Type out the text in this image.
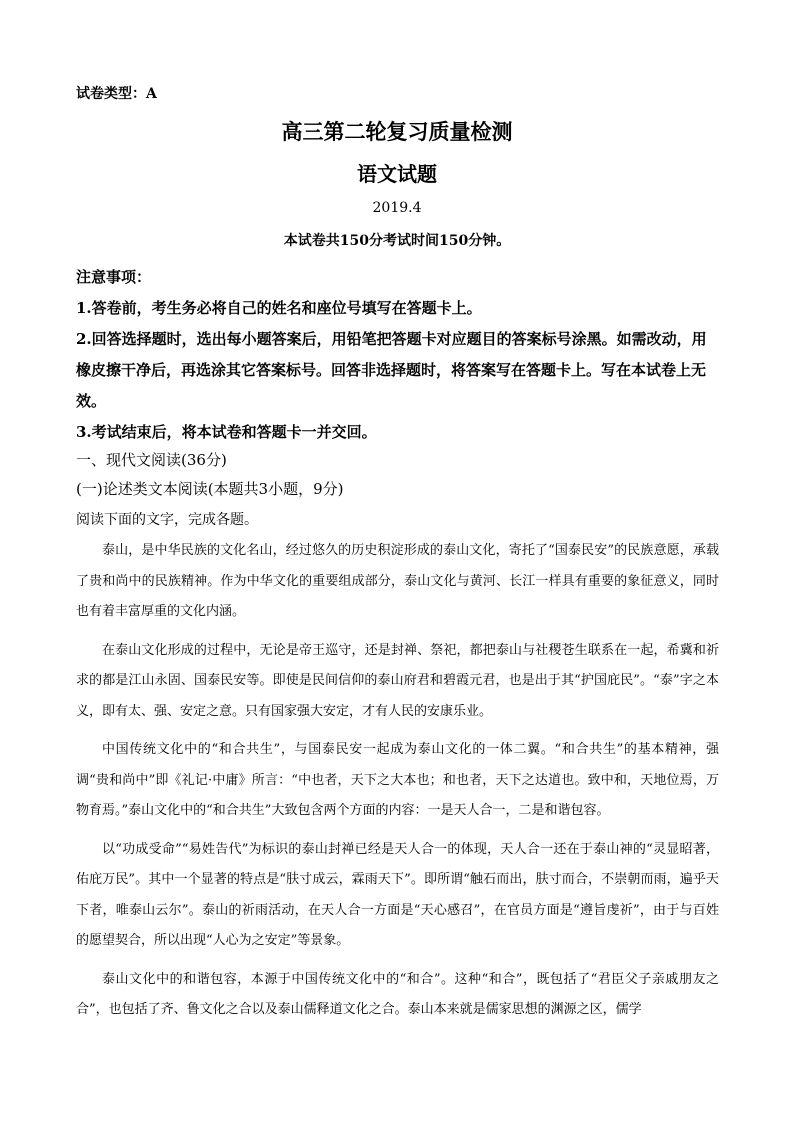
试卷类型：A
高三第二轮复习质量检测
语文试题
2019.4
本试卷共150分考试时间150分钟。

注意事项：

1.答卷前，考生务必将自己的姓名和座位号填写在答题卡上。

2.回答选择题时，选出每小题答案后，用铅笔把答题卡对应题目的答案标号涂黑。如需改动，用橡皮擦干净后，再选涂其它答案标号。回答非选择题时，将答案写在答题卡上。写在本试卷上无效。

3.考试结束后，将本试卷和答题卡一并交回。

一、现代文阅读(36分)
(一)论述类文本阅读(本题共3小题，9分)
阅读下面的文字，完成各题。

泰山，是中华民族的文化名山，经过悠久的历史积淀形成的泰山文化，寄托了“国泰民安”的民族意愿，承载了贵和尚中的民族精神。作为中华文化的重要组成部分，泰山文化与黄河、长江一样具有重要的象征意义，同时也有着丰富厚重的文化内涵。

在泰山文化形成的过程中，无论是帝王巡守，还是封禅、祭祀，都把泰山与社稷苍生联系在一起，希冀和祈求的都是江山永固、国泰民安等。即使是民间信仰的泰山府君和碧霞元君，也是出于其“护国庇民”。“泰”字之本义，即有太、强、安定之意。只有国家强大安定，才有人民的安康乐业。

中国传统文化中的“和合共生”，与国泰民安一起成为泰山文化的一体二翼。“和合共生”的基本精神，强调“贵和尚中”即《礼记·中庸》所言：“中也者，天下之大本也；和也者，天下之达道也。致中和，天地位焉，万物育焉。”泰山文化中的“和合共生”大致包含两个方面的内容：一是天人合一，二是和谐包容。

以“功成受命”“易姓告代”为标识的泰山封禅已经是天人合一的体现，天人合一还在于泰山神的“灵显昭著，佑庇万民”。其中一个显著的特点是“肤寸成云，霖雨天下”。即所谓“触石而出，肤寸而合，不崇朝而雨，遍乎天下者，唯泰山云尔”。泰山的祈雨活动，在天人合一方面是“天心感召”，在官员方面是“遵旨虔祈”，由于与百姓的愿望契合，所以出现“人心为之安定”等景象。

泰山文化中的和谐包容，本源于中国传统文化中的“和合”。这种“和合”，既包括了“君臣父子亲戚朋友之合”，也包括了齐、鲁文化之合以及泰山儒释道文化之合。泰山本来就是儒家思想的渊源之区，儒学
